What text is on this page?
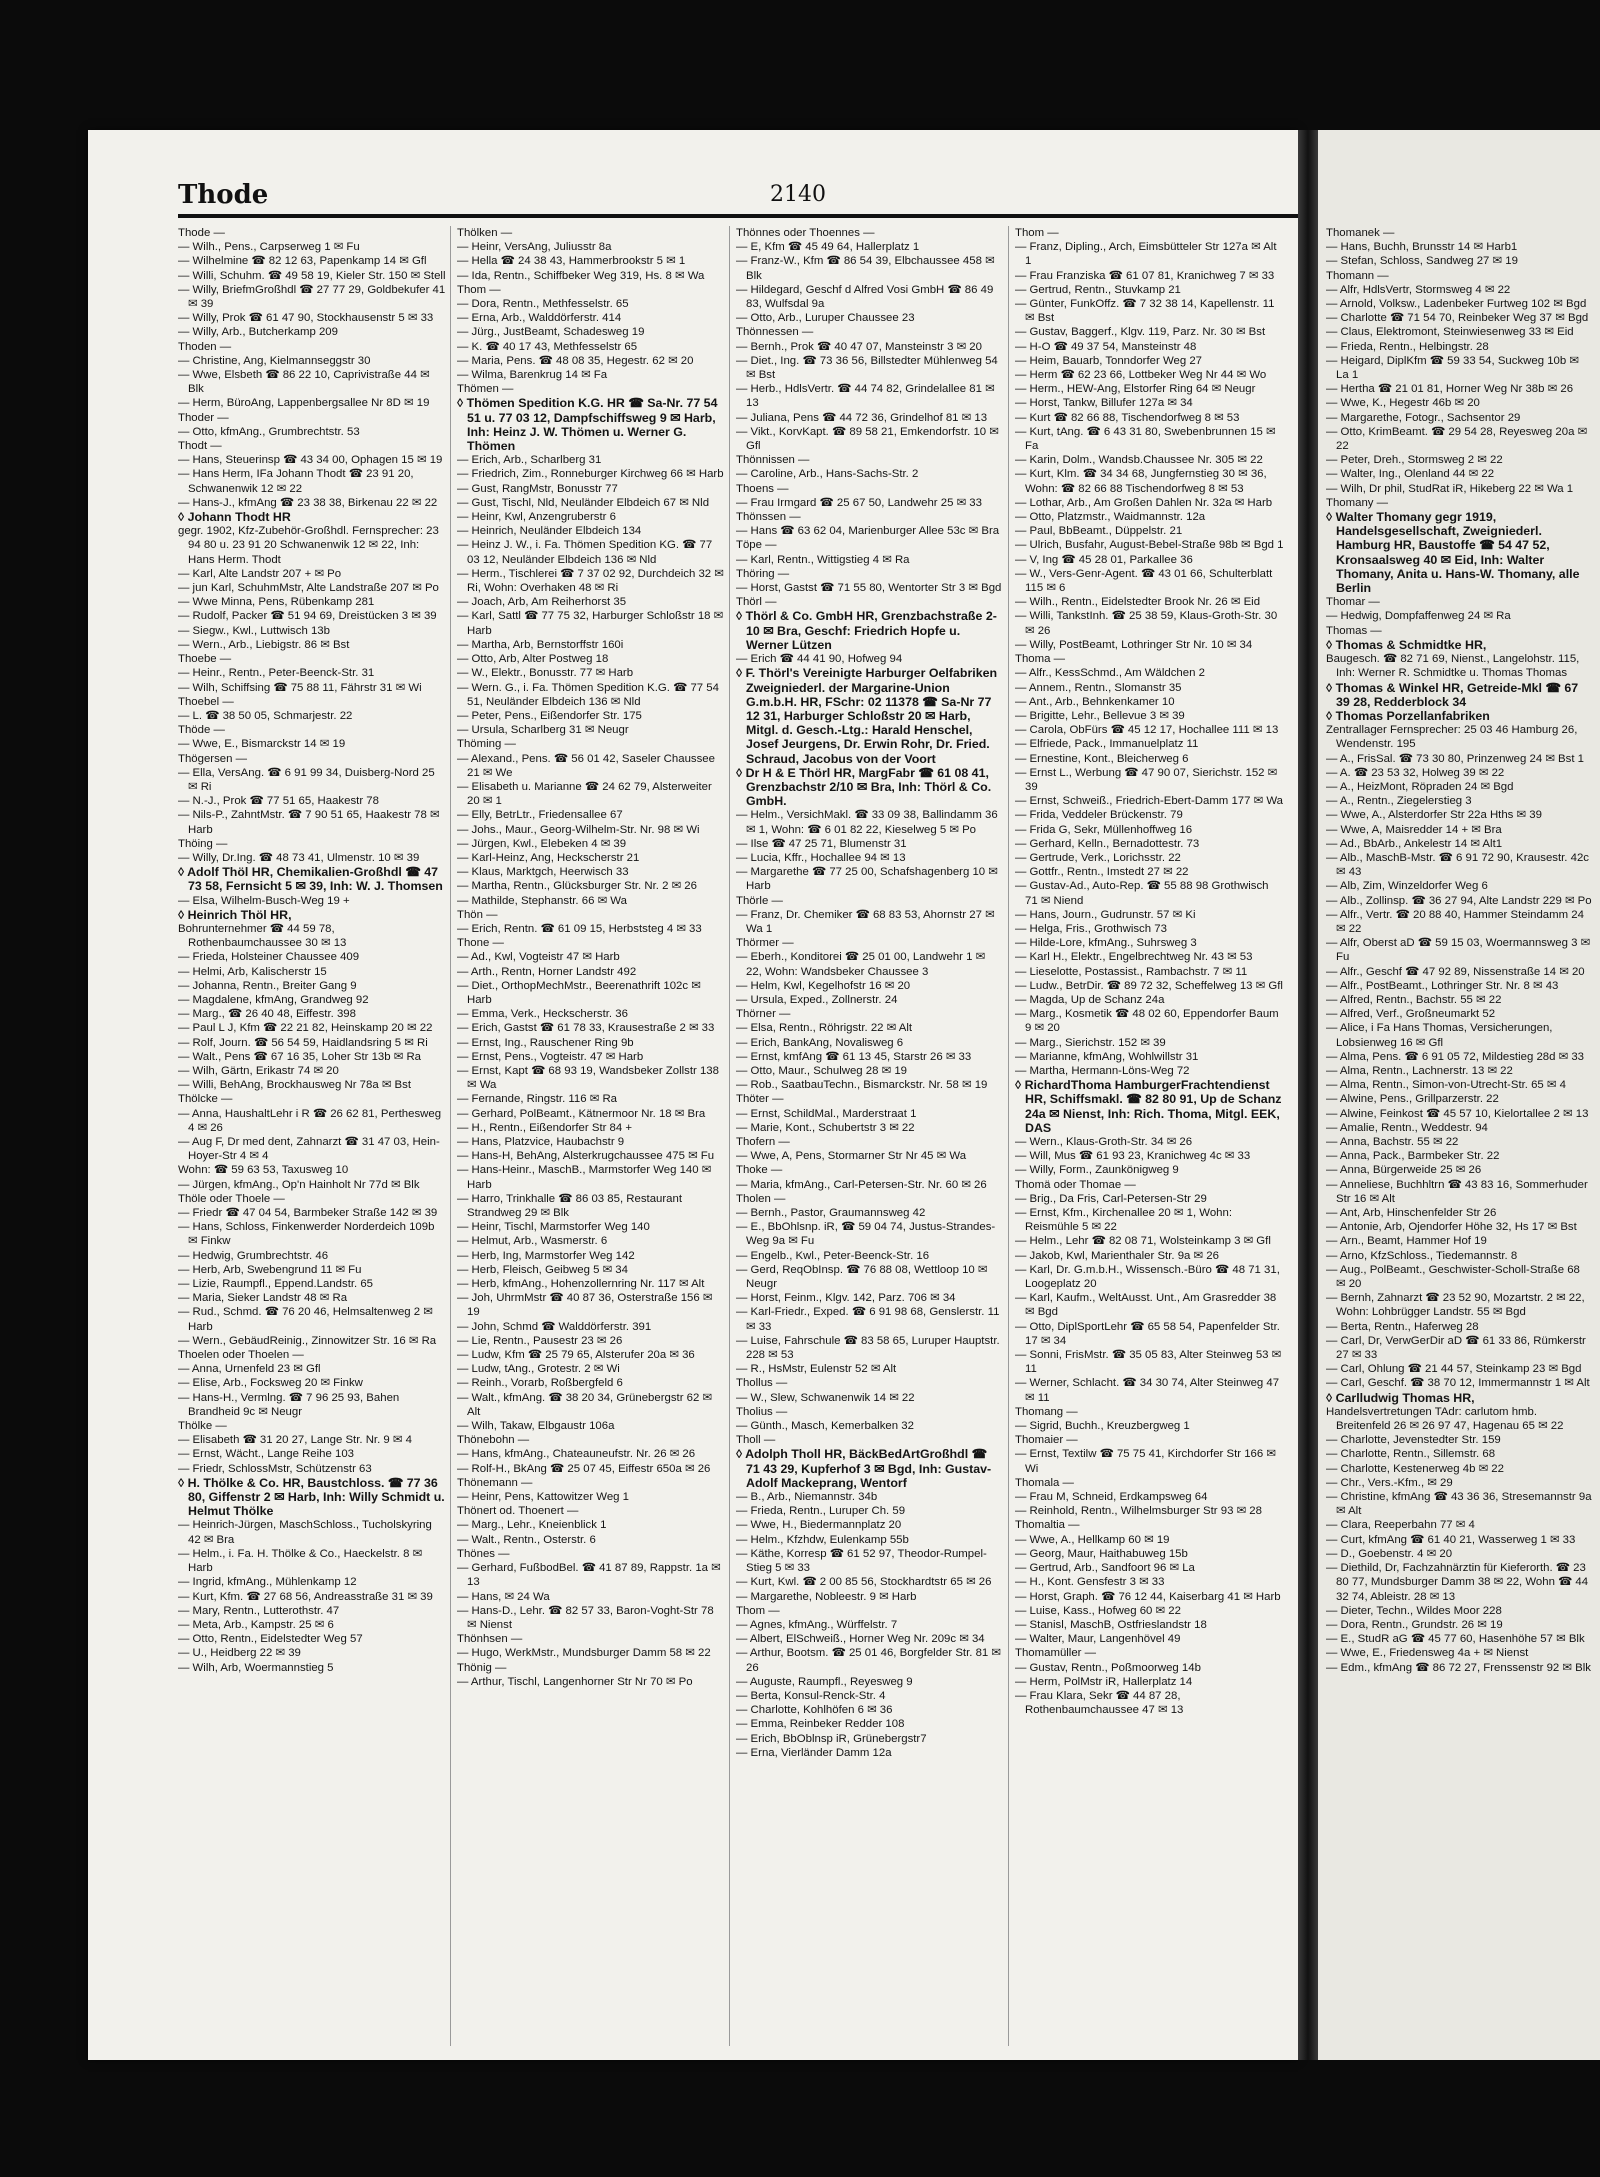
Thode	2140

Thode —

— Wilh., Pens., Carpserweg 1 ✉ Fu

— Wilhelmine ☎ 82 12 63, Papenkamp 14 ✉ Gfl

— Willi, Schuhm. ☎ 49 58 19, Kieler Str. 150 ✉ Stell

— Willy, BriefmGroßhdl ☎ 27 77 29, Goldbekufer 41 ✉ 39

— Willy, Prok ☎ 61 47 90, Stockhausenstr 5 ✉ 33

— Willy, Arb., Butcherkamp 209

Thoden —

— Christine, Ang, Kielmannseggstr 30

— Wwe, Elsbeth ☎ 86 22 10, Caprivistraße 44 ✉ Blk

— Herm, BüroAng, Lappenbergsallee Nr 8D ✉ 19

Thoder —

— Otto, kfmAng., Grumbrechtstr. 53

Thodt —

— Hans, Steuerinsp ☎ 43 34 00, Ophagen 15 ✉ 19

— Hans Herm, IFa Johann Thodt ☎ 23 91 20, Schwanenwik 12 ✉ 22

— Hans-J., kfmAng ☎ 23 38 38, Birkenau 22 ✉ 22

◊ Johann Thodt HR

gegr. 1902, Kfz-Zubehör-Großhdl. Fernsprecher: 23 94 80 u. 23 91 20 Schwanenwik 12 ✉ 22, Inh: Hans Herm. Thodt

— Karl, Alte Landstr 207 + ✉ Po

— jun Karl, SchuhmMstr, Alte Landstraße 207 ✉ Po

— Wwe Minna, Pens, Rübenkamp 281

— Rudolf, Packer ☎ 51 94 69, Dreistücken 3 ✉ 39

— Siegw., Kwl., Luttwisch 13b

— Wern., Arb., Liebigstr. 86 ✉ Bst

Thoebe —

— Heinr., Rentn., Peter-Beenck-Str. 31

— Wilh, Schiffsing ☎ 75 88 11, Fährstr 31 ✉ Wi

Thoebel —

— L. ☎ 38 50 05, Schmarjestr. 22

Thöde —

— Wwe, E., Bismarckstr 14 ✉ 19

Thögersen —

— Ella, VersAng. ☎ 6 91 99 34, Duisberg-Nord 25 ✉ Ri

— N.-J., Prok ☎ 77 51 65, Haakestr 78

— Nils-P., ZahntMstr. ☎ 7 90 51 65, Haakestr 78 ✉ Harb

Thöing —

— Willy, Dr.Ing. ☎ 48 73 41, Ulmenstr. 10 ✉ 39

◊ Adolf Thöl HR, Chemikalien-Großhdl ☎ 47 73 58, Fernsicht 5 ✉ 39, Inh: W. J. Thomsen

— Elsa, Wilhelm-Busch-Weg 19 +

◊ Heinrich Thöl HR,

Bohrunternehmer ☎ 44 59 78, Rothenbaumchaussee 30 ✉ 13

— Frieda, Holsteiner Chaussee 409

— Helmi, Arb, Kalischerstr 15

— Johanna, Rentn., Breiter Gang 9

— Magdalene, kfmAng, Grandweg 92

— Marg., ☎ 26 40 48, Eiffestr. 398

— Paul L J, Kfm ☎ 22 21 82, Heinskamp 20 ✉ 22

— Rolf, Journ. ☎ 56 54 59, Haidlandsring 5 ✉ Ri

— Walt., Pens ☎ 67 16 35, Loher Str 13b ✉ Ra

— Wilh, Gärtn, Erikastr 74 ✉ 20

— Willi, BehAng, Brockhausweg Nr 78a ✉ Bst

Thölcke —

— Anna, HaushaltLehr i R ☎ 26 62 81, Perthesweg 4 ✉ 26

— Aug F, Dr med dent, Zahnarzt ☎ 31 47 03, Hein-Hoyer-Str 4 ✉ 4

Wohn: ☎ 59 63 53, Taxusweg 10

— Jürgen, kfmAng., Op'n Hainholt Nr 77d ✉ Blk

Thöle oder Thoele —

— Friedr ☎ 47 04 54, Barmbeker Straße 142 ✉ 39

— Hans, Schloss, Finkenwerder Norderdeich 109b ✉ Finkw

— Hedwig, Grumbrechtstr. 46

— Herb, Arb, Swebengrund 11 ✉ Fu

— Lizie, Raumpfl., Eppend.Landstr. 65

— Maria, Sieker Landstr 48 ✉ Ra

— Rud., Schmd. ☎ 76 20 46, Helmsaltenweg 2 ✉ Harb

— Wern., GebäudReinig., Zinnowitzer Str. 16 ✉ Ra

Thoelen oder Thoelen —

— Anna, Urnenfeld 23 ✉ Gfl

— Elise, Arb., Focksweg 20 ✉ Finkw

— Hans-H., Vermlng. ☎ 7 96 25 93, Bahen Brandheid 9c ✉ Neugr

Thölke —

— Elisabeth ☎ 31 20 27, Lange Str. Nr. 9 ✉ 4

— Ernst, Wächt., Lange Reihe 103

— Friedr, SchlossMstr, Schützenstr 63

◊ H. Thölke & Co. HR, Baustchloss. ☎ 77 36 80, Giffenstr 2 ✉ Harb, Inh: Willy Schmidt u. Helmut Thölke

— Heinrich-Jürgen, MaschSchloss., Tucholskyring 42 ✉ Bra

— Helm., i. Fa. H. Thölke & Co., Haeckelstr. 8 ✉ Harb

— Ingrid, kfmAng., Mühlenkamp 12

— Kurt, Kfm. ☎ 27 68 56, Andreasstraße 31 ✉ 39

— Mary, Rentn., Lutterothstr. 47

— Meta, Arb., Kampstr. 25 ✉ 6

— Otto, Rentn., Eidelstedter Weg 57

— U., Heidberg 22 ✉ 39

— Wilh, Arb, Woermannstieg 5

Thölken —

— Heinr, VersAng, Juliusstr 8a

— Hella ☎ 24 38 43, Hammerbrookstr 5 ✉ 1

— Ida, Rentn., Schiffbeker Weg 319, Hs. 8 ✉ Wa

Thom —

— Dora, Rentn., Methfesselstr. 65

— Erna, Arb., Walddörferstr. 414

— Jürg., JustBeamt, Schadesweg 19

— K. ☎ 40 17 43, Methfesselstr 65

— Maria, Pens. ☎ 48 08 35, Hegestr. 62 ✉ 20

— Wilma, Barenkrug 14 ✉ Fa

Thömen —

◊ Thömen Spedition K.G. HR ☎ Sa-Nr. 77 54 51 u. 77 03 12, Dampfschiffsweg 9 ✉ Harb, Inh: Heinz J. W. Thömen u. Werner G. Thömen

— Erich, Arb., Scharlberg 31

— Friedrich, Zim., Ronneburger Kirchweg 66 ✉ Harb

— Gust, RangMstr, Bonusstr 77

— Gust, Tischl, Nld, Neuländer Elbdeich 67 ✉ Nld

— Heinr, Kwl, Anzengruberstr 6

— Heinrich, Neuländer Elbdeich 134

— Heinz J. W., i. Fa. Thömen Spedition KG. ☎ 77 03 12, Neuländer Elbdeich 136 ✉ Nld

— Herm., Tischlerei ☎ 7 37 02 92, Durchdeich 32 ✉ Ri, Wohn: Overhaken 48 ✉ Ri

— Joach, Arb, Am Reiherhorst 35

— Karl, Sattl ☎ 77 75 32, Harburger Schloßstr 18 ✉ Harb

— Martha, Arb, Bernstorffstr 160i

— Otto, Arb, Alter Postweg 18

— W., Elektr., Bonusstr. 77 ✉ Harb

— Wern. G., i. Fa. Thömen Spedition K.G. ☎ 77 54 51, Neuländer Elbdeich 136 ✉ Nld

— Peter, Pens., Eißendorfer Str. 175

— Ursula, Scharlberg 31 ✉ Neugr

Thöming —

— Alexand., Pens. ☎ 56 01 42, Saseler Chaussee 21 ✉ We

— Elisabeth u. Marianne ☎ 24 62 79, Alsterweiter 20 ✉ 1

— Elly, BetrLtr., Friedensallee 67

— Johs., Maur., Georg-Wilhelm-Str. Nr. 98 ✉ Wi

— Jürgen, Kwl., Elebeken 4 ✉ 39

— Karl-Heinz, Ang, Heckscherstr 21

— Klaus, Marktgch, Heerwisch 33

— Martha, Rentn., Glücksburger Str. Nr. 2 ✉ 26

— Mathilde, Stephanstr. 66 ✉ Wa

Thön —

— Erich, Rentn. ☎ 61 09 15, Herbststeg 4 ✉ 33

Thone —

— Ad., Kwl, Vogteistr 47 ✉ Harb

— Arth., Rentn, Horner Landstr 492

— Diet., OrthopMechMstr., Beerenathrift 102c ✉ Harb

— Emma, Verk., Heckscherstr. 36

— Erich, Gastst ☎ 61 78 33, Krausestraße 2 ✉ 33

— Ernst, Ing., Rauschener Ring 9b

— Ernst, Pens., Vogteistr. 47 ✉ Harb

— Ernst, Kapt ☎ 68 93 19, Wandsbeker Zollstr 138 ✉ Wa

— Fernande, Ringstr. 116 ✉ Ra

— Gerhard, PolBeamt., Kätnermoor Nr. 18 ✉ Bra

— H., Rentn., Eißendorfer Str 84 +

— Hans, Platzvice, Haubachstr 9

— Hans-H, BehAng, Alsterkrugchaussee 475 ✉ Fu

— Hans-Heinr., MaschB., Marmstorfer Weg 140 ✉ Harb

— Harro, Trinkhalle ☎ 86 03 85, Restaurant Strandweg 29 ✉ Blk

— Heinr, Tischl, Marmstorfer Weg 140

— Helmut, Arb., Wasmerstr. 6

— Herb, Ing, Marmstorfer Weg 142

— Herb, Fleisch, Geibweg 5 ✉ 34

— Herb, kfmAng., Hohenzollernring Nr. 117 ✉ Alt

— Joh, UhrmMstr ☎ 40 87 36, Osterstraße 156 ✉ 19

— John, Schmd ☎ Walddörferstr. 391

— Lie, Rentn., Pausestr 23 ✉ 26

— Ludw, Kfm ☎ 25 79 65, Alsterufer 20a ✉ 36

— Ludw, tAng., Grotestr. 2 ✉ Wi

— Reinh., Vorarb, Roßbergfeld 6

— Walt., kfmAng. ☎ 38 20 34, Grünebergstr 62 ✉ Alt

— Wilh, Takaw, Elbgaustr 106a

Thönebohn —

— Hans, kfmAng., Chateauneufstr. Nr. 26 ✉ 26

— Rolf-H., BkAng ☎ 25 07 45, Eiffestr 650a ✉ 26

Thönemann —

— Heinr, Pens, Kattowitzer Weg 1

Thönert od. Thoenert —

— Marg., Lehr., Kneienblick 1

— Walt., Rentn., Osterstr. 6

Thönes —

— Gerhard, FußbodBel. ☎ 41 87 89, Rappstr. 1a ✉ 13

— Hans, ✉ 24 Wa

— Hans-D., Lehr. ☎ 82 57 33, Baron-Voght-Str 78 ✉ Nienst

Thönhsen —

— Hugo, WerkMstr., Mundsburger Damm 58 ✉ 22

Thönig —

— Arthur, Tischl, Langenhorner Str Nr 70 ✉ Po

Thönnes oder Thoennes —

— E, Kfm ☎ 45 49 64, Hallerplatz 1

— Franz-W., Kfm ☎ 86 54 39, Elbchaussee 458 ✉ Blk

— Hildegard, Geschf d Alfred Vosi GmbH ☎ 86 49 83, Wulfsdal 9a

— Otto, Arb., Luruper Chaussee 23

Thönnessen —

— Bernh., Prok ☎ 40 47 07, Mansteinstr 3 ✉ 20

— Diet., Ing. ☎ 73 36 56, Billstedter Mühlenweg 54 ✉ Bst

— Herb., HdlsVertr. ☎ 44 74 82, Grindelallee 81 ✉ 13

— Juliana, Pens ☎ 44 72 36, Grindelhof 81 ✉ 13

— Vikt., KorvKapt. ☎ 89 58 21, Emkendorfstr. 10 ✉ Gfl

Thönnissen —

— Caroline, Arb., Hans-Sachs-Str. 2

Thoens —

— Frau Irmgard ☎ 25 67 50, Landwehr 25 ✉ 33

Thönssen —

— Hans ☎ 63 62 04, Marienburger Allee 53c ✉ Bra

Töpe —

— Karl, Rentn., Wittigstieg 4 ✉ Ra

Thöring —

— Horst, Gastst ☎ 71 55 80, Wentorter Str 3 ✉ Bgd

Thörl —

◊ Thörl & Co. GmbH HR, Grenzbachstraße 2-10 ✉ Bra, Geschf: Friedrich Hopfe u. Werner Lützen

— Erich ☎ 44 41 90, Hofweg 94

◊ F. Thörl's Vereinigte Harburger Oelfabriken Zweigniederl. der Margarine-Union G.m.b.H. HR, FSchr: 02 11378 ☎ Sa-Nr 77 12 31, Harburger Schloßstr 20 ✉ Harb, Mitgl. d. Gesch.-Ltg.: Harald Henschel, Josef Jeurgens, Dr. Erwin Rohr, Dr. Fried. Schraud, Jacobus von der Voort

◊ Dr H & E Thörl HR, MargFabr ☎ 61 08 41, Grenzbachstr 2/10 ✉ Bra, Inh: Thörl & Co. GmbH.

— Helm., VersichMakl. ☎ 33 09 38, Ballindamm 36 ✉ 1, Wohn: ☎ 6 01 82 22, Kieselweg 5 ✉ Po

— Ilse ☎ 47 25 71, Blumenstr 31

— Lucia, Kffr., Hochallee 94 ✉ 13

— Margarethe ☎ 77 25 00, Schafshagenberg 10 ✉ Harb

Thörle —

— Franz, Dr. Chemiker ☎ 68 83 53, Ahornstr 27 ✉ Wa 1

Thörmer —

— Eberh., Konditorei ☎ 25 01 00, Landwehr 1 ✉ 22, Wohn: Wandsbeker Chaussee 3

— Helm, Kwl, Kegelhofstr 16 ✉ 20

— Ursula, Exped., Zollnerstr. 24

Thörner —

— Elsa, Rentn., Röhrigstr. 22 ✉ Alt

— Erich, BankAng, Novalisweg 6

— Ernst, kmfAng ☎ 61 13 45, Starstr 26 ✉ 33

— Otto, Maur., Schulweg 28 ✉ 19

— Rob., SaatbauTechn., Bismarckstr. Nr. 58 ✉ 19

Thöter —

— Ernst, SchildMal., Marderstraat 1

— Marie, Kont., Schubertstr 3 ✉ 22

Thofern —

— Wwe, A, Pens, Stormarner Str Nr 45 ✉ Wa

Thoke —

— Maria, kfmAng., Carl-Petersen-Str. Nr. 60 ✉ 26

Tholen —

— Bernh., Pastor, Graumannsweg 42

— E., BbOhlsnp. iR, ☎ 59 04 74, Justus-Strandes-Weg 9a ✉ Fu

— Engelb., Kwl., Peter-Beenck-Str. 16

— Gerd, ReqObInsp. ☎ 76 88 08, Wettloop 10 ✉ Neugr

— Horst, Feinm., Klgv. 142, Parz. 706 ✉ 34

— Karl-Friedr., Exped. ☎ 6 91 98 68, Genslerstr. 11 ✉ 33

— Luise, Fahrschule ☎ 83 58 65, Luruper Hauptstr. 228 ✉ 53

— R., HsMstr, Eulenstr 52 ✉ Alt

Thollus —

— W., Slew, Schwanenwik 14 ✉ 22

Tholius —

— Günth., Masch, Kemerbalken 32

Tholl —

◊ Adolph Tholl HR, BäckBedArtGroßhdl ☎ 71 43 29, Kupferhof 3 ✉ Bgd, Inh: Gustav-Adolf Mackeprang, Wentorf

— B., Arb., Niemannstr. 34b

— Frieda, Rentn., Luruper Ch. 59

— Wwe, H., Biedermannplatz 20

— Helm., Kfzhdw, Eulenkamp 55b

— Käthe, Korresp ☎ 61 52 97, Theodor-Rumpel-Stieg 5 ✉ 33

— Kurt, Kwl. ☎ 2 00 85 56, Stockhardtstr 65 ✉ 26

— Margarethe, Nobleestr. 9 ✉ Harb

Thom —

— Agnes, kfmAng., Würffelstr. 7

— Albert, ElSchweiß., Horner Weg Nr. 209c ✉ 34

— Arthur, Bootsm. ☎ 25 01 46, Borgfelder Str. 81 ✉ 26

— Auguste, Raumpfl., Reyesweg 9

— Berta, Konsul-Renck-Str. 4

— Charlotte, Kohlhöfen 6 ✉ 36

— Emma, Reinbeker Redder 108

— Erich, BbOblnsp iR, Grünebergstr7

— Erna, Vierländer Damm 12a

Thom —

— Franz, Dipling., Arch, Eimsbütteler Str 127a ✉ Alt 1

— Frau Franziska ☎ 61 07 81, Kranichweg 7 ✉ 33

— Gertrud, Rentn., Stuvkamp 21

— Günter, FunkOffz. ☎ 7 32 38 14, Kapellenstr. 11 ✉ Bst

— Gustav, Baggerf., Klgv. 119, Parz. Nr. 30 ✉ Bst

— H-O ☎ 49 37 54, Mansteinstr 48

— Heim, Bauarb, Tonndorfer Weg 27

— Herm ☎ 62 23 66, Lottbeker Weg Nr 44 ✉ Wo

— Herm., HEW-Ang, Elstorfer Ring 64 ✉ Neugr

— Horst, Tankw, Billufer 127a ✉ 34

— Kurt ☎ 82 66 88, Tischendorfweg 8 ✉ 53

— Kurt, tAng. ☎ 6 43 31 80, Swebenbrunnen 15 ✉ Fa

— Karin, Dolm., Wandsb.Chaussee Nr. 305 ✉ 22

— Kurt, Klm. ☎ 34 34 68, Jungfernstieg 30 ✉ 36, Wohn: ☎ 82 66 88 Tischendorfweg 8 ✉ 53

— Lothar, Arb., Am Großen Dahlen Nr. 32a ✉ Harb

— Otto, Platzmstr., Waidmannstr. 12a

— Paul, BbBeamt., Düppelstr. 21

— Ulrich, Busfahr, August-Bebel-Straße 98b ✉ Bgd 1

— V, Ing ☎ 45 28 01, Parkallee 36

— W., Vers-Genr-Agent. ☎ 43 01 66, Schulterblatt 115 ✉ 6

— Wilh., Rentn., Eidelstedter Brook Nr. 26 ✉ Eid

— Willi, TankstInh. ☎ 25 38 59, Klaus-Groth-Str. 30 ✉ 26

— Willy, PostBeamt, Lothringer Str Nr. 10 ✉ 34

Thoma —

— Alfr., KessSchmd., Am Wäldchen 2

— Annem., Rentn., Slomanstr 35

— Ant., Arb., Behnkenkamer 10

— Brigitte, Lehr., Bellevue 3 ✉ 39

— Carola, ObFürs ☎ 45 12 17, Hochallee 111 ✉ 13

— Elfriede, Pack., Immanuelplatz 11

— Ernestine, Kont., Bleicherweg 6

— Ernst L., Werbung ☎ 47 90 07, Sierichstr. 152 ✉ 39

— Ernst, Schweiß., Friedrich-Ebert-Damm 177 ✉ Wa

— Frida, Veddeler Brückenstr. 79

— Frida G, Sekr, Müllenhoffweg 16

— Gerhard, Kelln., Bernadottestr. 73

— Gertrude, Verk., Lorichsstr. 22

— Gottfr., Rentn., Imstedt 27 ✉ 22

— Gustav-Ad., Auto-Rep. ☎ 55 88 98 Grothwisch 71 ✉ Niend

— Hans, Journ., Gudrunstr. 57 ✉ Ki

— Helga, Fris., Grothwisch 73

— Hilde-Lore, kfmAng., Suhrsweg 3

— Karl H., Elektr., Engelbrechtweg Nr. 43 ✉ 53

— Lieselotte, Postassist., Rambachstr. 7 ✉ 11

— Ludw., BetrDir. ☎ 89 72 32, Scheffelweg 13 ✉ Gfl

— Magda, Up de Schanz 24a

— Marg., Kosmetik ☎ 48 02 60, Eppendorfer Baum 9 ✉ 20

— Marg., Sierichstr. 152 ✉ 39

— Marianne, kfmAng, Wohlwillstr 31

— Martha, Hermann-Löns-Weg 72

◊ RichardThoma HamburgerFrachtendienst HR, Schiffsmakl. ☎ 82 80 91, Up de Schanz 24a ✉ Nienst, Inh: Rich. Thoma, Mitgl. EEK, DAS

— Wern., Klaus-Groth-Str. 34 ✉ 26

— Will, Mus ☎ 61 93 23, Kranichweg 4c ✉ 33

— Willy, Form., Zaunkönigweg 9

Thomä oder Thomae —

— Brig., Da Fris, Carl-Petersen-Str 29

— Ernst, Kfm., Kirchenallee 20 ✉ 1, Wohn: Reismühle 5 ✉ 22

— Helm., Lehr ☎ 82 08 71, Wolsteinkamp 3 ✉ Gfl

— Jakob, Kwl, Marienthaler Str. 9a ✉ 26

— Karl, Dr. G.m.b.H., Wissensch.-Büro ☎ 48 71 31, Loogeplatz 20

— Karl, Kaufm., WeltAusst. Unt., Am Grasredder 38 ✉ Bgd

— Otto, DiplSportLehr ☎ 65 58 54, Papenfelder Str. 17 ✉ 34

— Sonni, FrisMstr. ☎ 35 05 83, Alter Steinweg 53 ✉ 11

— Werner, Schlacht. ☎ 34 30 74, Alter Steinweg 47 ✉ 11

Thomang —

— Sigrid, Buchh., Kreuzbergweg 1

Thomaier —

— Ernst, Textilw ☎ 75 75 41, Kirchdorfer Str 166 ✉ Wi

Thomala —

— Frau M, Schneid, Erdkampsweg 64

— Reinhold, Rentn., Wilhelmsburger Str 93 ✉ 28

Thomaltia —

— Wwe, A., Hellkamp 60 ✉ 19

— Georg, Maur, Haithabuweg 15b

— Gertrud, Arb., Sandfoort 96 ✉ La

— H., Kont. Gensfestr 3 ✉ 33

— Horst, Graph. ☎ 76 12 44, Kaiserbarg 41 ✉ Harb

— Luise, Kass., Hofweg 60 ✉ 22

— Stanisl, MaschB, Ostfrieslandstr 18

— Walter, Maur, Langenhövel 49

Thomamüller —

— Gustav, Rentn., Poßmoorweg 14b

— Herm, PolMstr iR, Hallerplatz 14

— Frau Klara, Sekr ☎ 44 87 28, Rothenbaumchaussee 47 ✉ 13

Thomanek —

— Hans, Buchh, Brunsstr 14 ✉ Harb1

— Stefan, Schloss, Sandweg 27 ✉ 19

Thomann —

— Alfr, HdlsVertr, Stormsweg 4 ✉ 22

— Arnold, Volksw., Ladenbeker Furtweg 102 ✉ Bgd

— Charlotte ☎ 71 54 70, Reinbeker Weg 37 ✉ Bgd

— Claus, Elektromont, Steinwiesenweg 33 ✉ Eid

— Frieda, Rentn., Helbingstr. 28

— Heigard, DiplKfm ☎ 59 33 54, Suckweg 10b ✉ La 1

— Hertha ☎ 21 01 81, Horner Weg Nr 38b ✉ 26

— Wwe, K., Hegestr 46b ✉ 20

— Margarethe, Fotogr., Sachsentor 29

— Otto, KrimBeamt. ☎ 29 54 28, Reyesweg 20a ✉ 22

— Peter, Dreh., Stormsweg 2 ✉ 22

— Walter, Ing., Olenland 44 ✉ 22

— Wilh, Dr phil, StudRat iR, Hikeberg 22 ✉ Wa 1

Thomany —

◊ Walter Thomany gegr 1919, Handelsgesellschaft, Zweigniederl. Hamburg HR, Baustoffe ☎ 54 47 52, Kronsaalsweg 40 ✉ Eid, Inh: Walter Thomany, Anita u. Hans-W. Thomany, alle Berlin

Thomar —

— Hedwig, Dompfaffenweg 24 ✉ Ra

Thomas —

◊ Thomas & Schmidtke HR,

Baugesch. ☎ 82 71 69, Nienst., Langelohstr. 115, Inh: Werner R. Schmidtke u. Thomas Thomas

◊ Thomas & Winkel HR, Getreide-Mkl ☎ 67 39 28, Redderblock 34

◊ Thomas Porzellanfabriken

Zentrallager Fernsprecher: 25 03 46 Hamburg 26, Wendenstr. 195

— A., FrisSal. ☎ 73 30 80, Prinzenweg 24 ✉ Bst 1

— A. ☎ 23 53 32, Holweg 39 ✉ 22

— A., HeizMont, Röpraden 24 ✉ Bgd

— A., Rentn., Ziegelerstieg 3

— Wwe, A., Alsterdorfer Str 22a Hths ✉ 39

— Wwe, A, Maisredder 14 + ✉ Bra

— Ad., BbArb., Ankelestr 14 ✉ Alt1

— Alb., MaschB-Mstr. ☎ 6 91 72 90, Krausestr. 42c ✉ 43

— Alb, Zim, Winzeldorfer Weg 6

— Alb., Zollinsp. ☎ 36 27 94, Alte Landstr 229 ✉ Po

— Alfr., Vertr. ☎ 20 88 40, Hammer Steindamm 24 ✉ 22

— Alfr, Oberst aD ☎ 59 15 03, Woermannsweg 3 ✉ Fu

— Alfr., Geschf ☎ 47 92 89, Nissenstraße 14 ✉ 20

— Alfr., PostBeamt., Lothringer Str. Nr. 8 ✉ 43

— Alfred, Rentn., Bachstr. 55 ✉ 22

— Alfred, Verf., Großneumarkt 52

— Alice, i Fa Hans Thomas, Versicherungen, Lobsienweg 16 ✉ Gfl

— Alma, Pens. ☎ 6 91 05 72, Mildestieg 28d ✉ 33

— Alma, Rentn., Lachnerstr. 13 ✉ 22

— Alma, Rentn., Simon-von-Utrecht-Str. 65 ✉ 4

— Alwine, Pens., Grillparzerstr. 22

— Alwine, Feinkost ☎ 45 57 10, Kielortallee 2 ✉ 13

— Amalie, Rentn., Weddestr. 94

— Anna, Bachstr. 55 ✉ 22

— Anna, Pack., Barmbeker Str. 22

— Anna, Bürgerweide 25 ✉ 26

— Anneliese, Buchhltrn ☎ 43 83 16, Sommerhuder Str 16 ✉ Alt

— Ant, Arb, Hinschenfelder Str 26

— Antonie, Arb, Ojendorfer Höhe 32, Hs 17 ✉ Bst

— Arn., Beamt, Hammer Hof 19

— Arno, KfzSchloss., Tiedemannstr. 8

— Aug., PolBeamt., Geschwister-Scholl-Straße 68 ✉ 20

— Bernh, Zahnarzt ☎ 23 52 90, Mozartstr. 2 ✉ 22, Wohn: Lohbrügger Landstr. 55 ✉ Bgd

— Berta, Rentn., Haferweg 28

— Carl, Dr, VerwGerDir aD ☎ 61 33 86, Rümkerstr 27 ✉ 33

— Carl, Ohlung ☎ 21 44 57, Steinkamp 23 ✉ Bgd

— Carl, Geschf. ☎ 38 70 12, Immermannstr 1 ✉ Alt

◊ Carlludwig Thomas HR,

Handelsvertretungen TAdr: carlutom hmb. Breitenfeld 26 ✉ 26 97 47, Hagenau 65 ✉ 22

— Charlotte, Jevenstedter Str. 159

— Charlotte, Rentn., Sillemstr. 68

— Charlotte, Kestenerweg 4b ✉ 22

— Chr., Vers.-Kfm., ✉ 29

— Christine, kfmAng ☎ 43 36 36, Stresemannstr 9a ✉ Alt

— Clara, Reeperbahn 77 ✉ 4

— Curt, kfmAng ☎ 61 40 21, Wasserweg 1 ✉ 33

— D., Goebenstr. 4 ✉ 20

— Diethild, Dr, Fachzahnärztin für Kieferorth. ☎ 23 80 77, Mundsburger Damm 38 ✉ 22, Wohn ☎ 44 32 74, Ableistr. 28 ✉ 13

— Dieter, Techn., Wildes Moor 228

— Dora, Rentn., Grundstr. 26 ✉ 19

— E., StudR aG ☎ 45 77 60, Hasenhöhe 57 ✉ Blk

— Wwe, E., Friedensweg 4a + ✉ Nienst

— Edm., kfmAng ☎ 86 72 27, Frenssenstr 92 ✉ Blk
